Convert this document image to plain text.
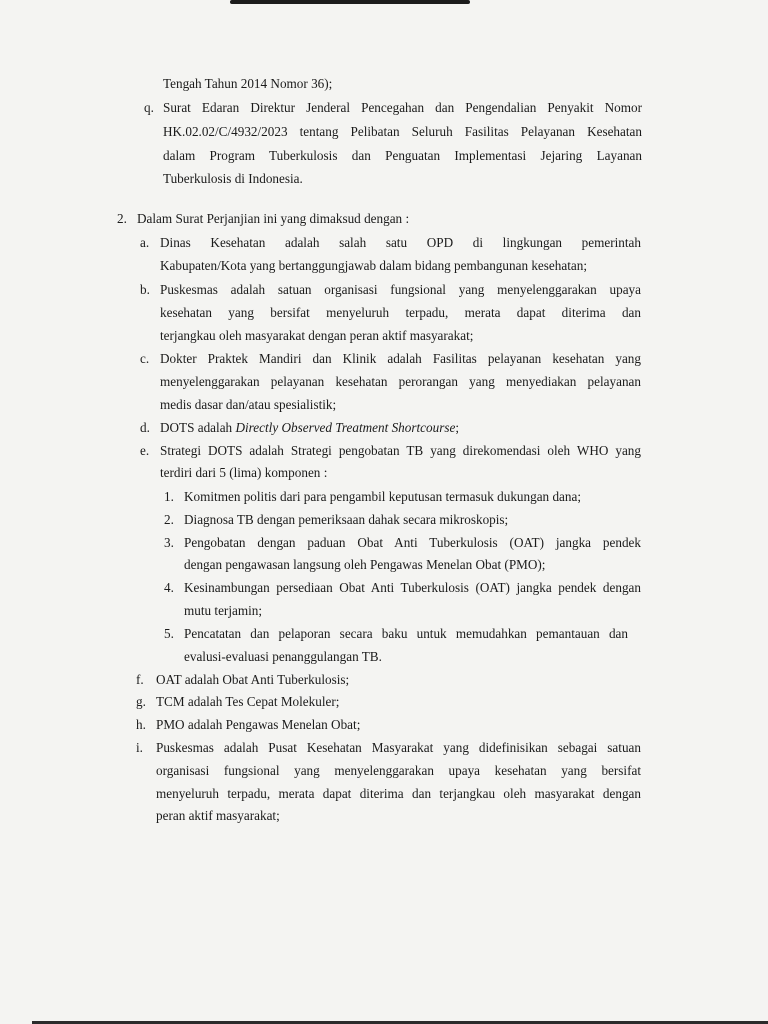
Tengah Tahun 2014 Nomor 36);
q. Surat Edaran Direktur Jenderal Pencegahan dan Pengendalian Penyakit Nomor
HK.02.02/C/4932/2023 tentang Pelibatan Seluruh Fasilitas Pelayanan Kesehatan
dalam Program Tuberkulosis dan Penguatan Implementasi Jejaring Layanan
Tuberkulosis di Indonesia.
2. Dalam Surat Perjanjian ini yang dimaksud dengan :
a. Dinas Kesehatan adalah salah satu OPD di lingkungan pemerintah
Kabupaten/Kota yang bertanggungjawab dalam bidang pembangunan kesehatan;
b. Puskesmas adalah satuan organisasi fungsional yang menyelenggarakan upaya
kesehatan yang bersifat menyeluruh terpadu, merata dapat diterima dan
terjangkau oleh masyarakat dengan peran aktif masyarakat;
c. Dokter Praktek Mandiri dan Klinik adalah Fasilitas pelayanan kesehatan yang
menyelenggarakan pelayanan kesehatan perorangan yang menyediakan pelayanan
medis dasar dan/atau spesialistik;
d. DOTS adalah Directly Observed Treatment Shortcourse;
e. Strategi DOTS adalah Strategi pengobatan TB yang direkomendasi oleh WHO yang
terdiri dari 5 (lima) komponen :
1. Komitmen politis dari para pengambil keputusan termasuk dukungan dana;
2. Diagnosa TB dengan pemeriksaan dahak secara mikroskopis;
3. Pengobatan dengan paduan Obat Anti Tuberkulosis (OAT) jangka pendek
dengan pengawasan langsung oleh Pengawas Menelan Obat (PMO);
4. Kesinambungan persediaan Obat Anti Tuberkulosis (OAT) jangka pendek dengan
mutu terjamin;
5. Pencatatan dan pelaporan secara baku untuk memudahkan pemantauan dan
evalusi-evaluasi penanggulangan TB.
f. OAT adalah Obat Anti Tuberkulosis;
g. TCM adalah Tes Cepat Molekuler;
h. PMO adalah Pengawas Menelan Obat;
i. Puskesmas adalah Pusat Kesehatan Masyarakat yang didefinisikan sebagai satuan
organisasi fungsional yang menyelenggarakan upaya kesehatan yang bersifat
menyeluruh terpadu, merata dapat diterima dan terjangkau oleh masyarakat dengan
peran aktif masyarakat;
